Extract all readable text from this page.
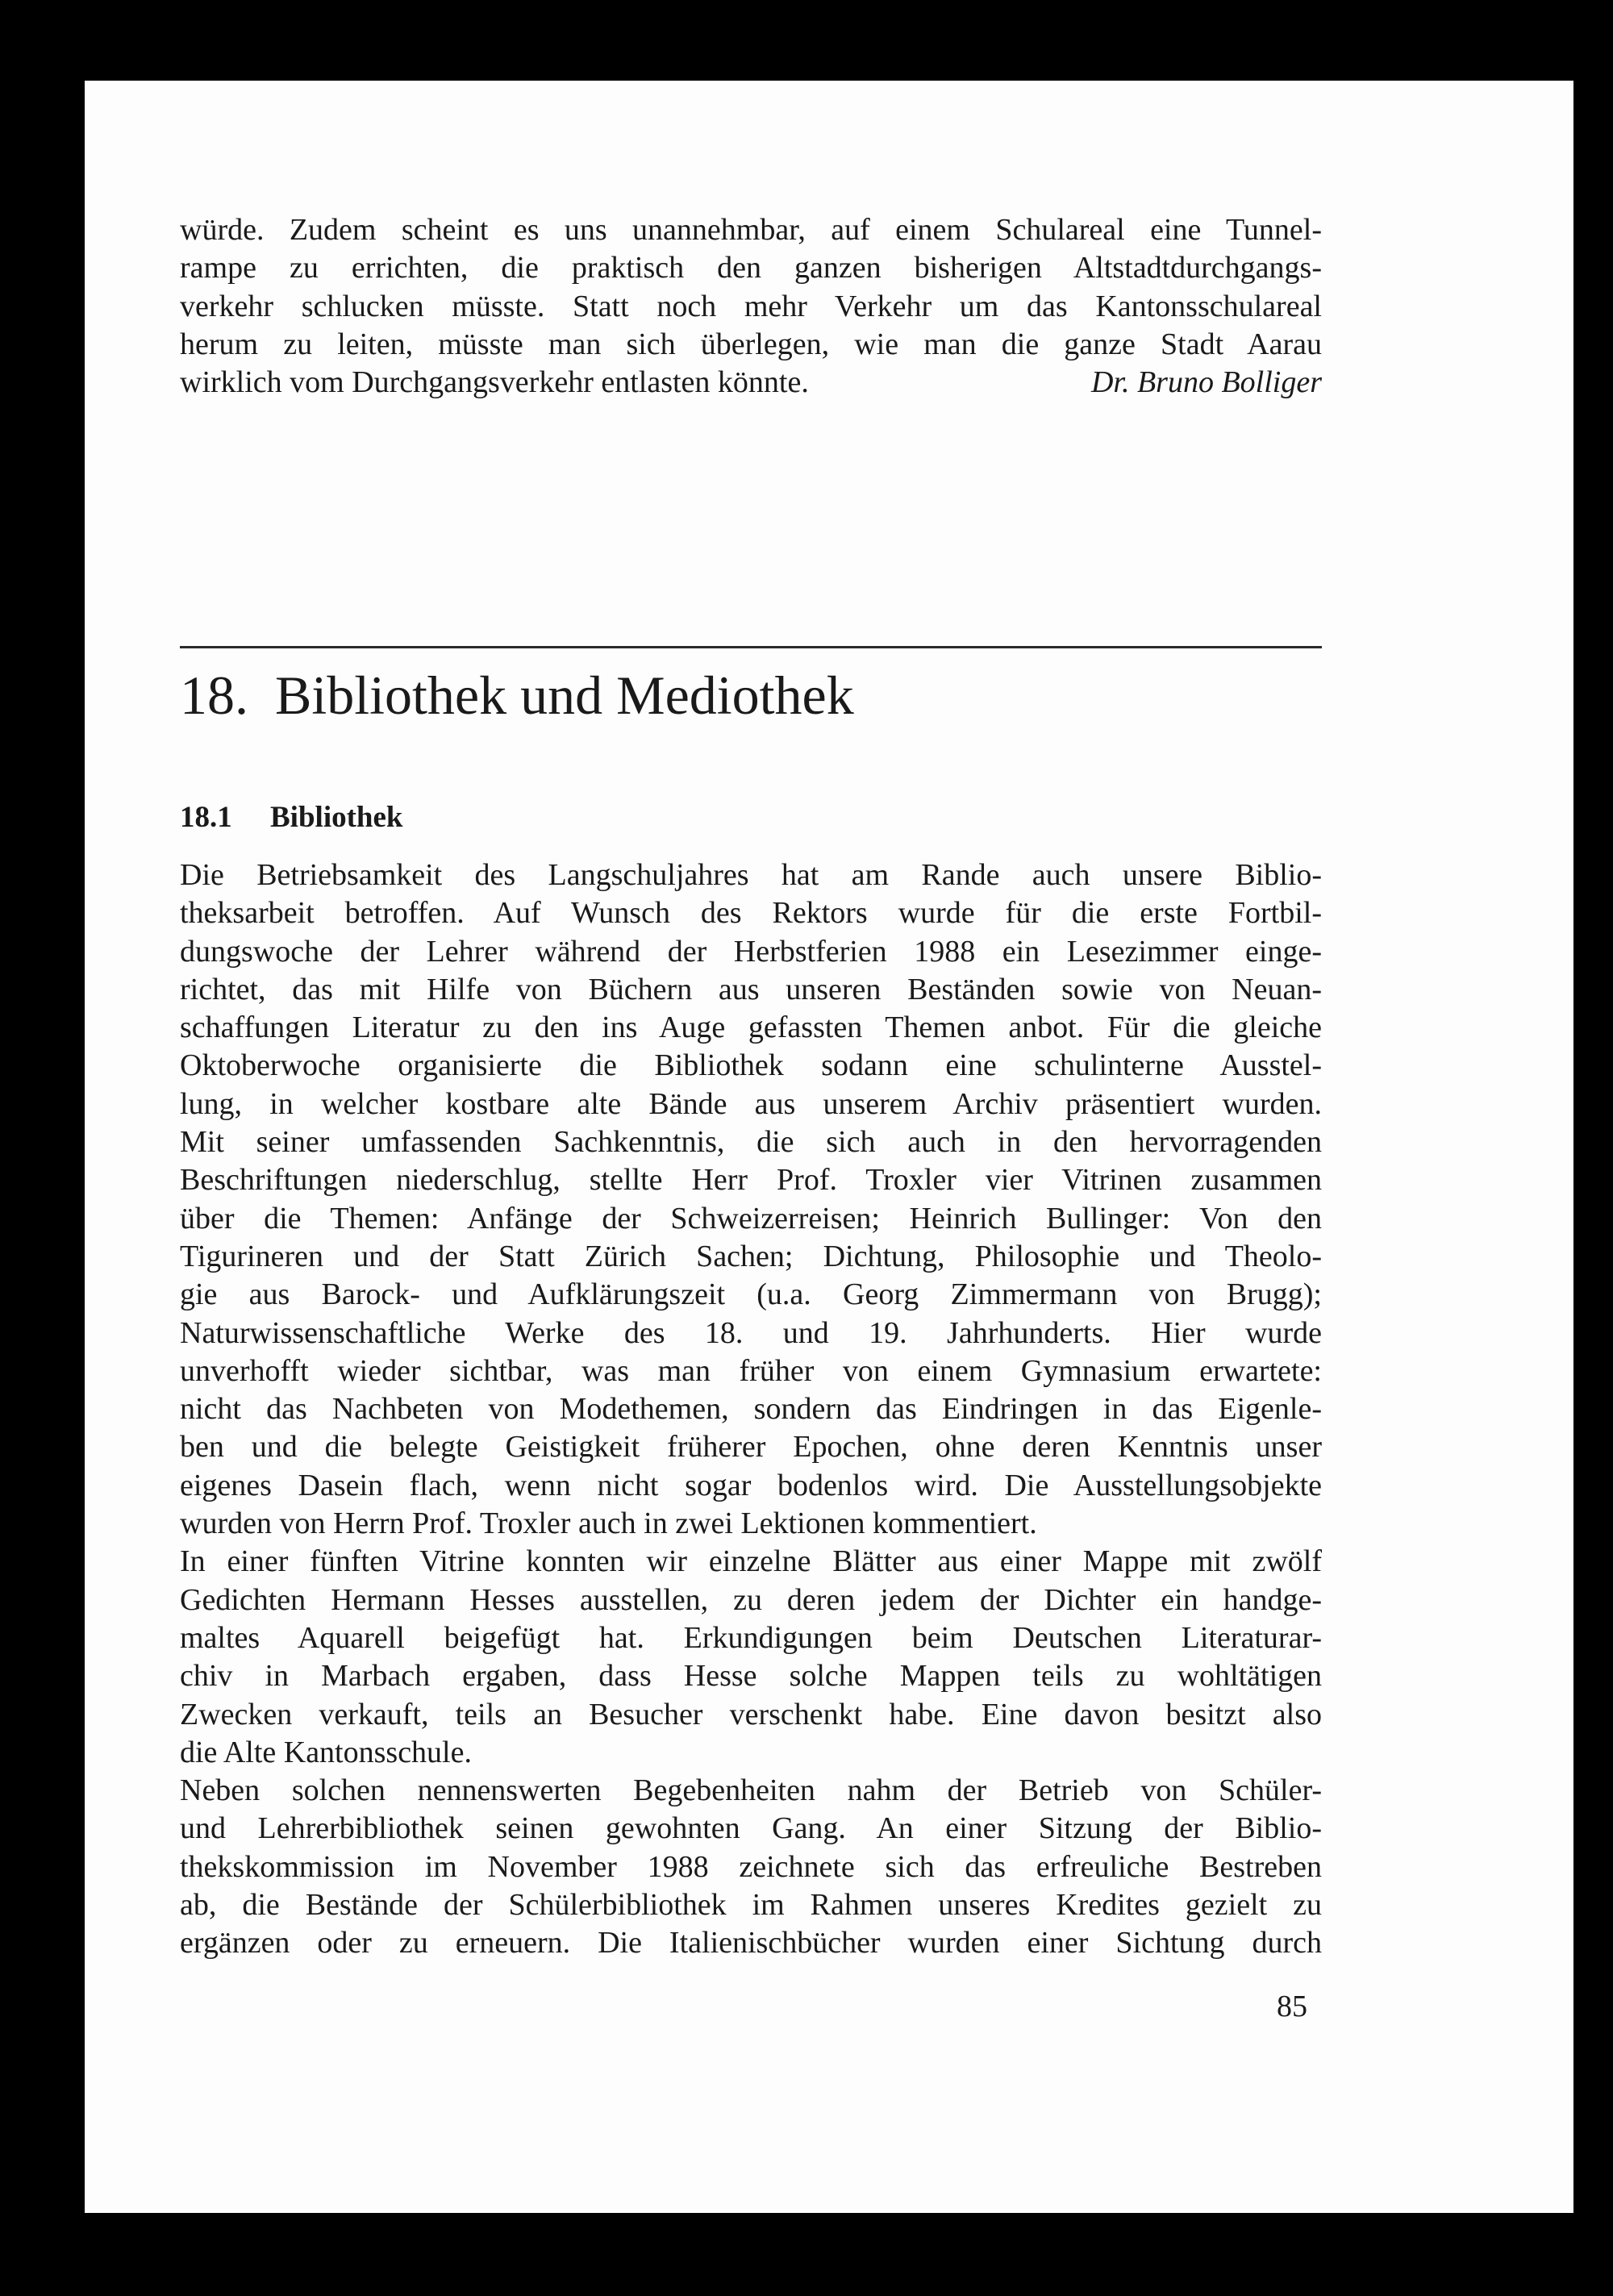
würde. Zudem scheint es uns unannehmbar, auf einem Schulareal eine Tunnel-
rampe zu errichten, die praktisch den ganzen bisherigen Altstadtdurchgangs-
verkehr schlucken müsste. Statt noch mehr Verkehr um das Kantonsschulareal
herum zu leiten, müsste man sich überlegen, wie man die ganze Stadt Aarau
wirklich vom Durchgangsverkehr entlasten könnte.	Dr. Bruno Bolliger
18. Bibliothek und Mediothek
18.1 Bibliothek
Die Betriebsamkeit des Langschuljahres hat am Rande auch unsere Biblio-
theksarbeit betroffen. Auf Wunsch des Rektors wurde für die erste Fortbil-
dungswoche der Lehrer während der Herbstferien 1988 ein Lesezimmer einge-
richtet, das mit Hilfe von Büchern aus unseren Beständen sowie von Neuan-
schaffungen Literatur zu den ins Auge gefassten Themen anbot. Für die gleiche
Oktoberwoche organisierte die Bibliothek sodann eine schulinterne Ausstel-
lung, in welcher kostbare alte Bände aus unserem Archiv präsentiert wurden.
Mit seiner umfassenden Sachkenntnis, die sich auch in den hervorragenden
Beschriftungen niederschlug, stellte Herr Prof. Troxler vier Vitrinen zusammen
über die Themen: Anfänge der Schweizerreisen; Heinrich Bullinger: Von den
Tigurineren und der Statt Zürich Sachen; Dichtung, Philosophie und Theolo-
gie aus Barock- und Aufklärungszeit (u.a. Georg Zimmermann von Brugg);
Naturwissenschaftliche Werke des 18. und 19. Jahrhunderts. Hier wurde
unverhofft wieder sichtbar, was man früher von einem Gymnasium erwartete:
nicht das Nachbeten von Modethemen, sondern das Eindringen in das Eigenle-
ben und die belegte Geistigkeit früherer Epochen, ohne deren Kenntnis unser
eigenes Dasein flach, wenn nicht sogar bodenlos wird. Die Ausstellungsobjekte
wurden von Herrn Prof. Troxler auch in zwei Lektionen kommentiert.
In einer fünften Vitrine konnten wir einzelne Blätter aus einer Mappe mit zwölf
Gedichten Hermann Hesses ausstellen, zu deren jedem der Dichter ein handge-
maltes Aquarell beigefügt hat. Erkundigungen beim Deutschen Literaturar-
chiv in Marbach ergaben, dass Hesse solche Mappen teils zu wohltätigen
Zwecken verkauft, teils an Besucher verschenkt habe. Eine davon besitzt also
die Alte Kantonsschule.
Neben solchen nennenswerten Begebenheiten nahm der Betrieb von Schüler-
und Lehrerbibliothek seinen gewohnten Gang. An einer Sitzung der Biblio-
thekskommission im November 1988 zeichnete sich das erfreuliche Bestreben
ab, die Bestände der Schülerbibliothek im Rahmen unseres Kredites gezielt zu
ergänzen oder zu erneuern. Die Italienischbücher wurden einer Sichtung durch
85
